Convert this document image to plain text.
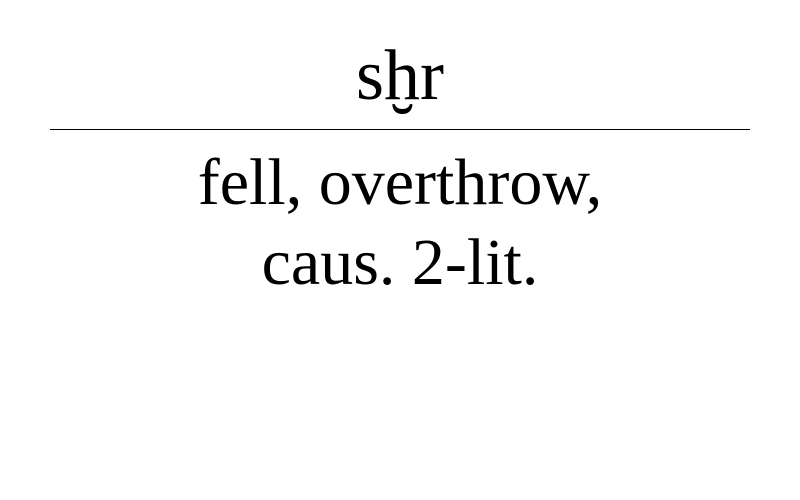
sḫr
fell, overthrow,
caus. 2-lit.
